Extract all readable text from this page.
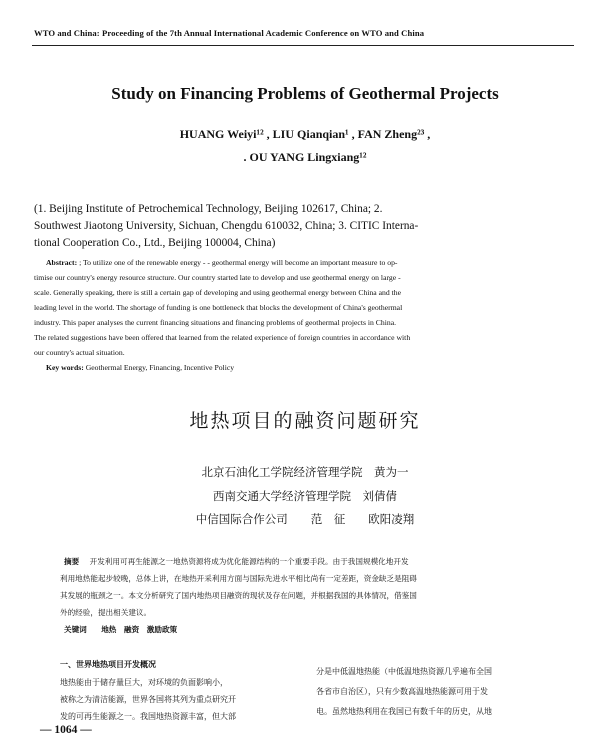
WTO and China: Proceeding of the 7th Annual International Academic Conference on WTO and China
Study on Financing Problems of Geothermal Projects
HUANG Weiyi¹² , LIU Qianqian¹ , FAN Zheng²³ ,
. OU YANG Lingxiang¹²
(1. Beijing Institute of Petrochemical Technology, Beijing 102617, China; 2.
Southwest Jiaotong University, Sichuan, Chengdu 610032, China; 3. CITIC Interna-
tional Cooperation Co., Ltd., Beijing 100004, China)
Abstract: ; To utilize one of the renewable energy - - geothermal energy will become an important measure to op-
timise our country's energy resource structure. Our country started late to develop and use geothermal energy on large -
scale. Generally speaking, there is still a certain gap of developing and using geothermal energy between China and the
leading level in the world. The shortage of funding is one bottleneck that blocks the development of China's geothermal
industry. This paper analyses the current financing situations and financing problems of geothermal projects in China.
The related suggestions have been offered that learned from the related experience of foreign countries in accordance with
our country's actual situation.
Key words: Geothermal Energy, Financing, Incentive Policy
地热项目的融资问题研究
北京石油化工学院经济管理学院　黄为一
西南交通大学经济管理学院　刘倩倩
中信国际合作公司　　范　征　　欧阳凌翔
摘要 开发利用可再生能源之一地热资源将成为优化能源结构的一个重要手段。由于我国规模化地开发
利用地热能起步较晚，总体上讲，在地热开采利用方面与国际先进水平相比尚有一定差距，资金缺乏是阻碍
其发展的瓶颈之一。本文分析研究了国内地热项目融资的现状及存在问题，并根据我国的具体情况，借鉴国
外的经验，提出相关建议。
关键词 地热　融资　激励政策
一、世界地热项目开发概况
地热能由于储存量巨大，对环境的负面影响小，
被称之为清洁能源，世界各国将其列为重点研究开
发的可再生能源之一。我国地热资源丰富，但大部
分是中低温地热能（中低温地热资源几乎遍布全国
各省市自治区），只有少数高温地热能源可用于发
电。虽然地热利用在我国已有数千年的历史，从地
— 1064 —
